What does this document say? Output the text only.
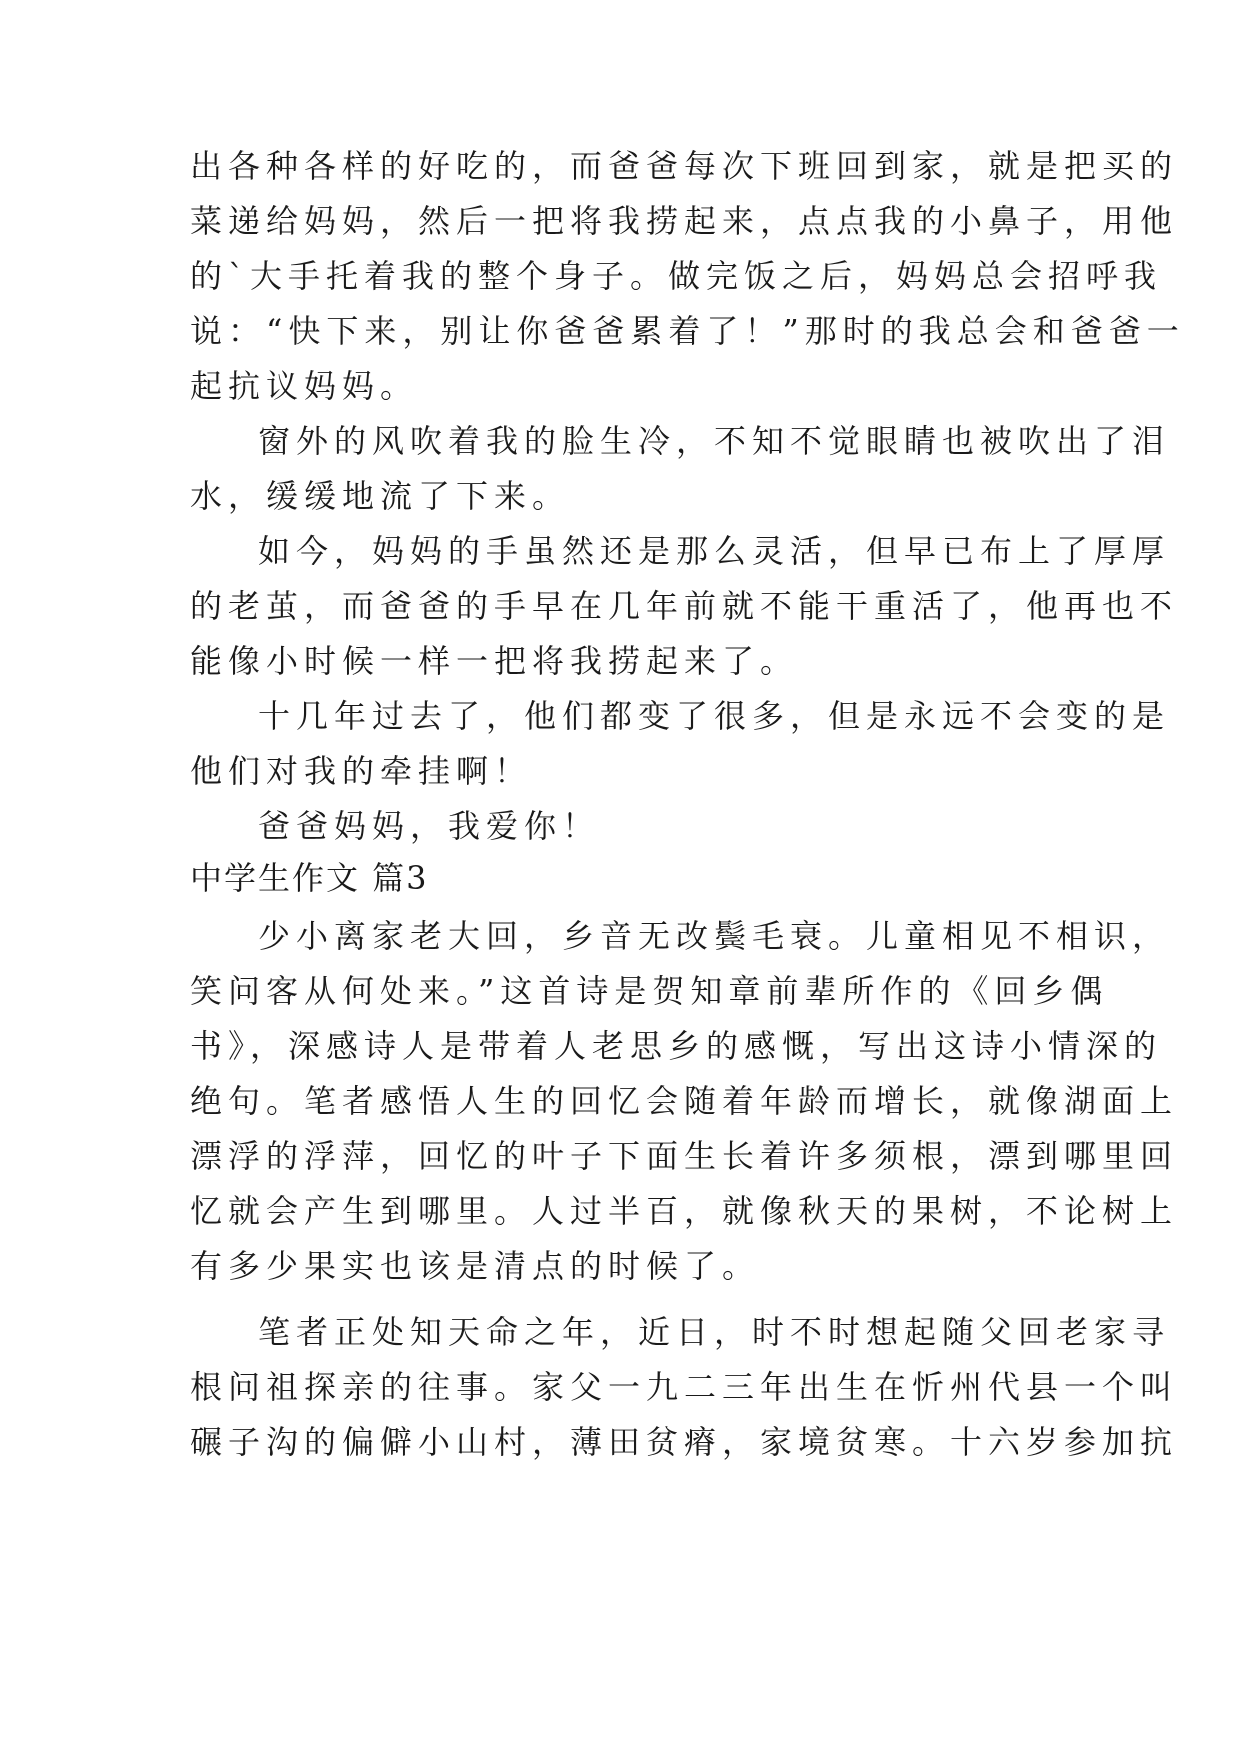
出各种各样的好吃的，而爸爸每次下班回到家，就是把买的
菜递给妈妈，然后一把将我捞起来，点点我的小鼻子，用他
的`大手托着我的整个身子。做完饭之后，妈妈总会招呼我
说：“快下来，别让你爸爸累着了！”那时的我总会和爸爸一
起抗议妈妈。
窗外的风吹着我的脸生冷，不知不觉眼睛也被吹出了泪
水，缓缓地流了下来。
如今，妈妈的手虽然还是那么灵活，但早已布上了厚厚
的老茧，而爸爸的手早在几年前就不能干重活了，他再也不
能像小时候一样一把将我捞起来了。
十几年过去了，他们都变了很多，但是永远不会变的是
他们对我的牵挂啊！
爸爸妈妈，我爱你！
中学生作文 篇3
少小离家老大回，乡音无改鬓毛衰。儿童相见不相识，
笑问客从何处来。”这首诗是贺知章前辈所作的《回乡偶
书》，深感诗人是带着人老思乡的感慨，写出这诗小情深的
绝句。笔者感悟人生的回忆会随着年龄而增长，就像湖面上
漂浮的浮萍，回忆的叶子下面生长着许多须根，漂到哪里回
忆就会产生到哪里。人过半百，就像秋天的果树，不论树上
有多少果实也该是清点的时候了。
笔者正处知天命之年，近日，时不时想起随父回老家寻
根问祖探亲的往事。家父一九二三年出生在忻州代县一个叫
碾子沟的偏僻小山村，薄田贫瘠，家境贫寒。十六岁参加抗
